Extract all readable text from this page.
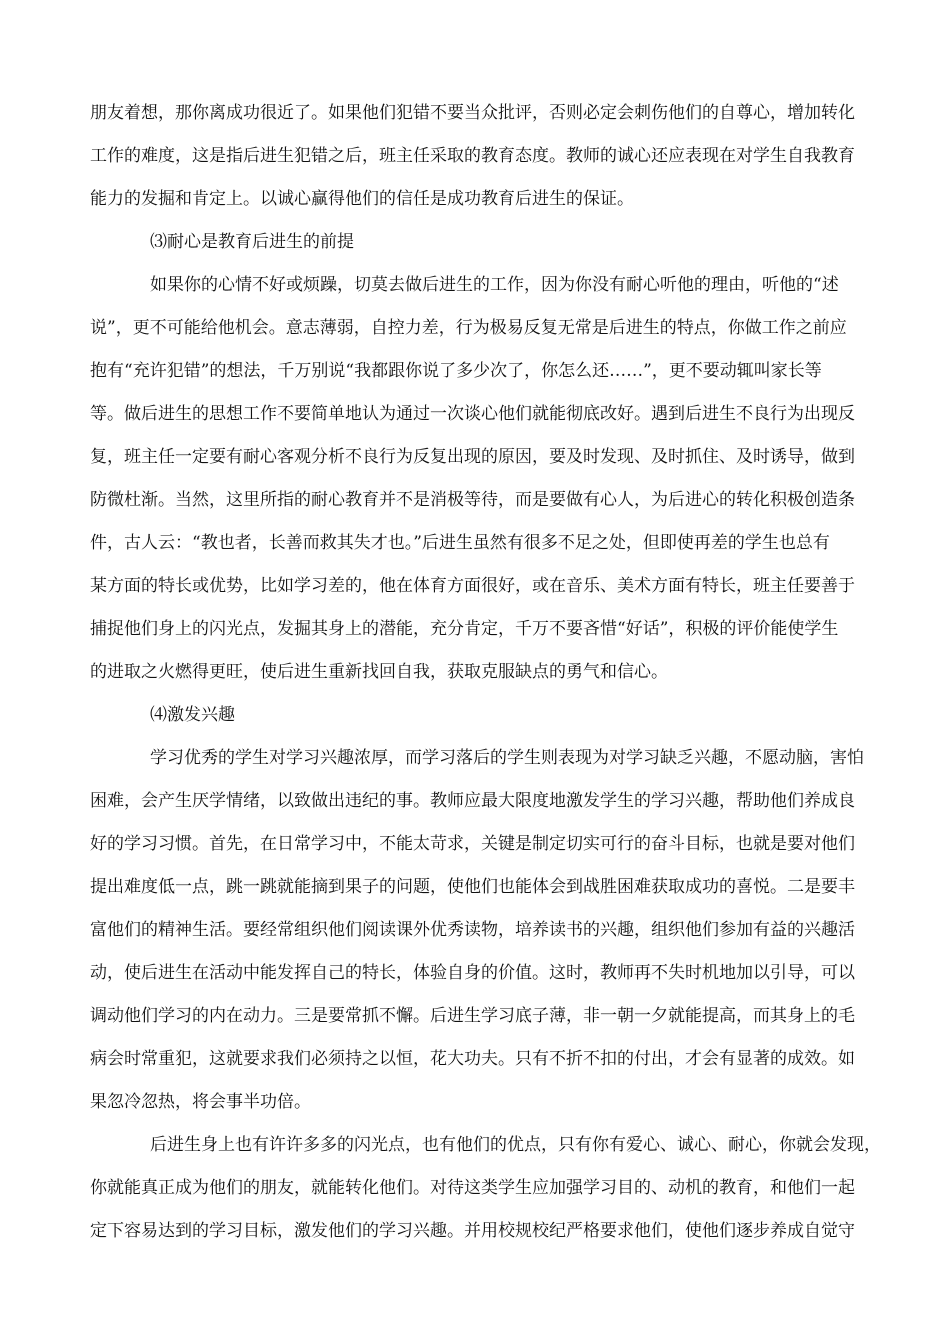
朋友着想，那你离成功很近了。如果他们犯错不要当众批评，否则必定会刺伤他们的自尊心，增加转化
工作的难度，这是指后进生犯错之后，班主任采取的教育态度。教师的诚心还应表现在对学生自我教育
能力的发掘和肯定上。以诚心赢得他们的信任是成功教育后进生的保证。
⑶耐心是教育后进生的前提
如果你的心情不好或烦躁，切莫去做后进生的工作，因为你没有耐心听他的理由，听他的“述
说”，更不可能给他机会。意志薄弱，自控力差，行为极易反复无常是后进生的特点，你做工作之前应
抱有“充许犯错”的想法，千万别说“我都跟你说了多少次了，你怎么还……”，更不要动辄叫家长等
等。做后进生的思想工作不要简单地认为通过一次谈心他们就能彻底改好。遇到后进生不良行为出现反
复，班主任一定要有耐心客观分析不良行为反复出现的原因，要及时发现、及时抓住、及时诱导，做到
防微杜渐。当然，这里所指的耐心教育并不是消极等待，而是要做有心人，为后进心的转化积极创造条
件，古人云：“教也者，长善而救其失才也。”后进生虽然有很多不足之处，但即使再差的学生也总有
某方面的特长或优势，比如学习差的，他在体育方面很好，或在音乐、美术方面有特长，班主任要善于
捕捉他们身上的闪光点，发掘其身上的潜能，充分肯定，千万不要吝惜“好话”，积极的评价能使学生
的进取之火燃得更旺，使后进生重新找回自我，获取克服缺点的勇气和信心。
⑷激发兴趣
学习优秀的学生对学习兴趣浓厚，而学习落后的学生则表现为对学习缺乏兴趣，不愿动脑，害怕
困难，会产生厌学情绪，以致做出违纪的事。教师应最大限度地激发学生的学习兴趣，帮助他们养成良
好的学习习惯。首先，在日常学习中，不能太苛求，关键是制定切实可行的奋斗目标，也就是要对他们
提出难度低一点，跳一跳就能摘到果子的问题，使他们也能体会到战胜困难获取成功的喜悦。二是要丰
富他们的精神生活。要经常组织他们阅读课外优秀读物，培养读书的兴趣，组织他们参加有益的兴趣活
动，使后进生在活动中能发挥自己的特长，体验自身的价值。这时，教师再不失时机地加以引导，可以
调动他们学习的内在动力。三是要常抓不懈。后进生学习底子薄，非一朝一夕就能提高，而其身上的毛
病会时常重犯，这就要求我们必须持之以恒，花大功夫。只有不折不扣的付出，才会有显著的成效。如
果忽冷忽热，将会事半功倍。
后进生身上也有许许多多的闪光点，也有他们的优点，只有你有爱心、诚心、耐心，你就会发现，
你就能真正成为他们的朋友，就能转化他们。对待这类学生应加强学习目的、动机的教育，和他们一起
定下容易达到的学习目标，激发他们的学习兴趣。并用校规校纪严格要求他们，使他们逐步养成自觉守
